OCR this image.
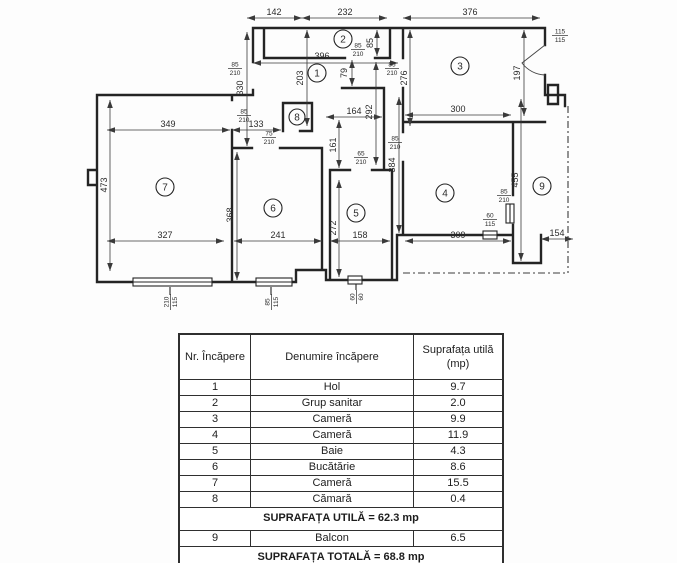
142	232	376
396
203
85
79	276
330
197
300
164
161
272
292
349	133
473
368
384
327	241	158	309	154
455
85
210
85
210
85
210
115
115
85
210
75
210	85
210
65
210
85
210
60
115
210 115	85 115	60 60
1
2
3
4
5
6
7
8
9
Nr. Încăpere	Denumire încăpere	Suprafața utilă (mp)
1	Hol	9.7
2	Grup sanitar	2.0
3	Cameră	9.9
4	Cameră	11.9
5	Baie	4.3
6	Bucătărie	8.6
7	Cameră	15.5
8	Cămară	0.4
SUPRAFAȚA UTILĂ = 62.3 mp		
9	Balcon	6.5
SUPRAFAȚA TOTALĂ = 68.8 mp		
